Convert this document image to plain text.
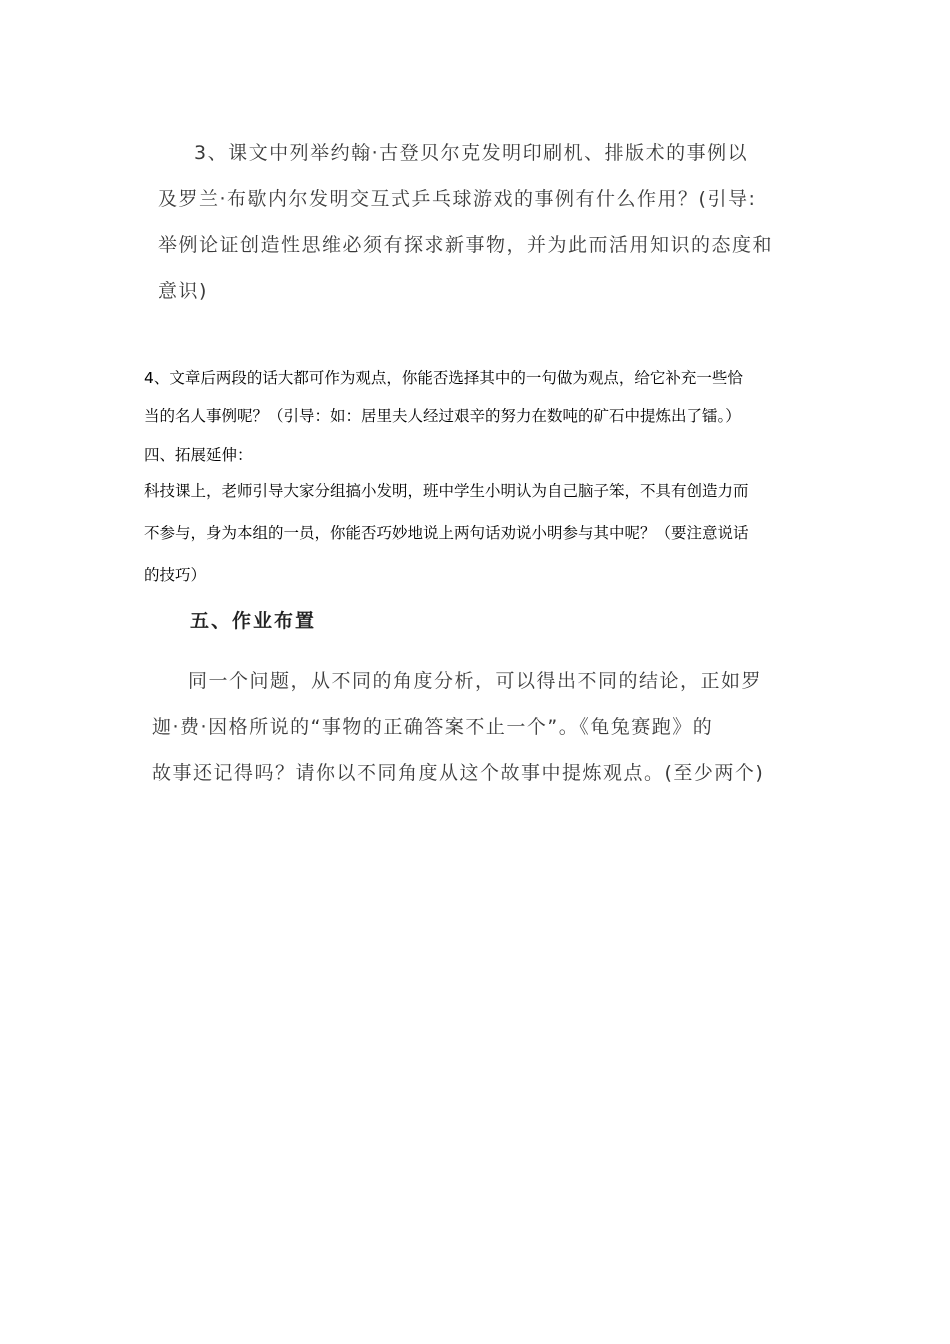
3、课文中列举约翰·古登贝尔克发明印刷机、排版术的事例以
及罗兰·布歇内尔发明交互式乒乓球游戏的事例有什么作用？(引导:
举例论证创造性思维必须有探求新事物，并为此而活用知识的态度和
意识)
4、文章后两段的话大都可作为观点，你能否选择其中的一句做为观点，给它补充一些恰
当的名人事例呢？（引导：如：居里夫人经过艰辛的努力在数吨的矿石中提炼出了镭。）
四、拓展延伸：
科技课上，老师引导大家分组搞小发明，班中学生小明认为自己脑子笨，不具有创造力而
不参与，身为本组的一员，你能否巧妙地说上两句话劝说小明参与其中呢？（要注意说话
的技巧）
五、作业布置
同一个问题，从不同的角度分析，可以得出不同的结论，正如罗
迦·费·因格所说的“事物的正确答案不止一个”。《龟兔赛跑》的
故事还记得吗？请你以不同角度从这个故事中提炼观点。(至少两个)
